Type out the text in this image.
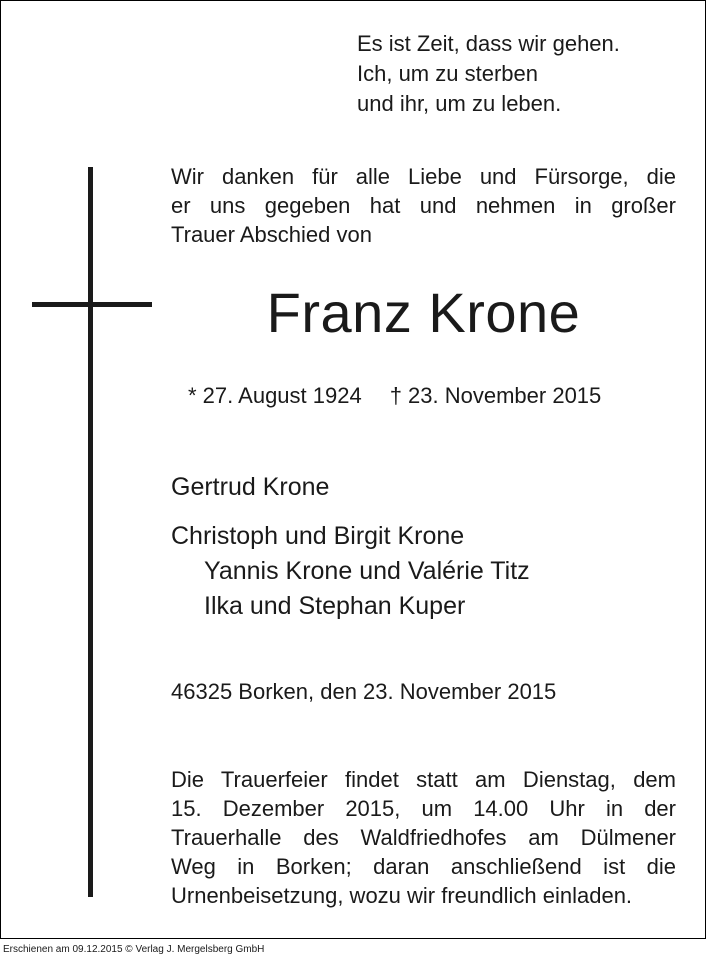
Es ist Zeit, dass wir gehen.
Ich, um zu sterben
und ihr, um zu leben.
Wir danken für alle Liebe und Fürsorge, die
er uns gegeben hat und nehmen in großer
Trauer Abschied von
Franz Krone
* 27. August 1924 † 23. November 2015
Gertrud Krone
Christoph und Birgit Krone
Yannis Krone und Valérie Titz
Ilka und Stephan Kuper
46325 Borken, den 23. November 2015
Die Trauerfeier findet statt am Dienstag, dem
15. Dezember 2015, um 14.00 Uhr in der
Trauerhalle des Waldfriedhofes am Dülmener
Weg in Borken; daran anschließend ist die
Urnenbeisetzung, wozu wir freundlich einladen.
Erschienen am 09.12.2015 © Verlag J. Mergelsberg GmbH
